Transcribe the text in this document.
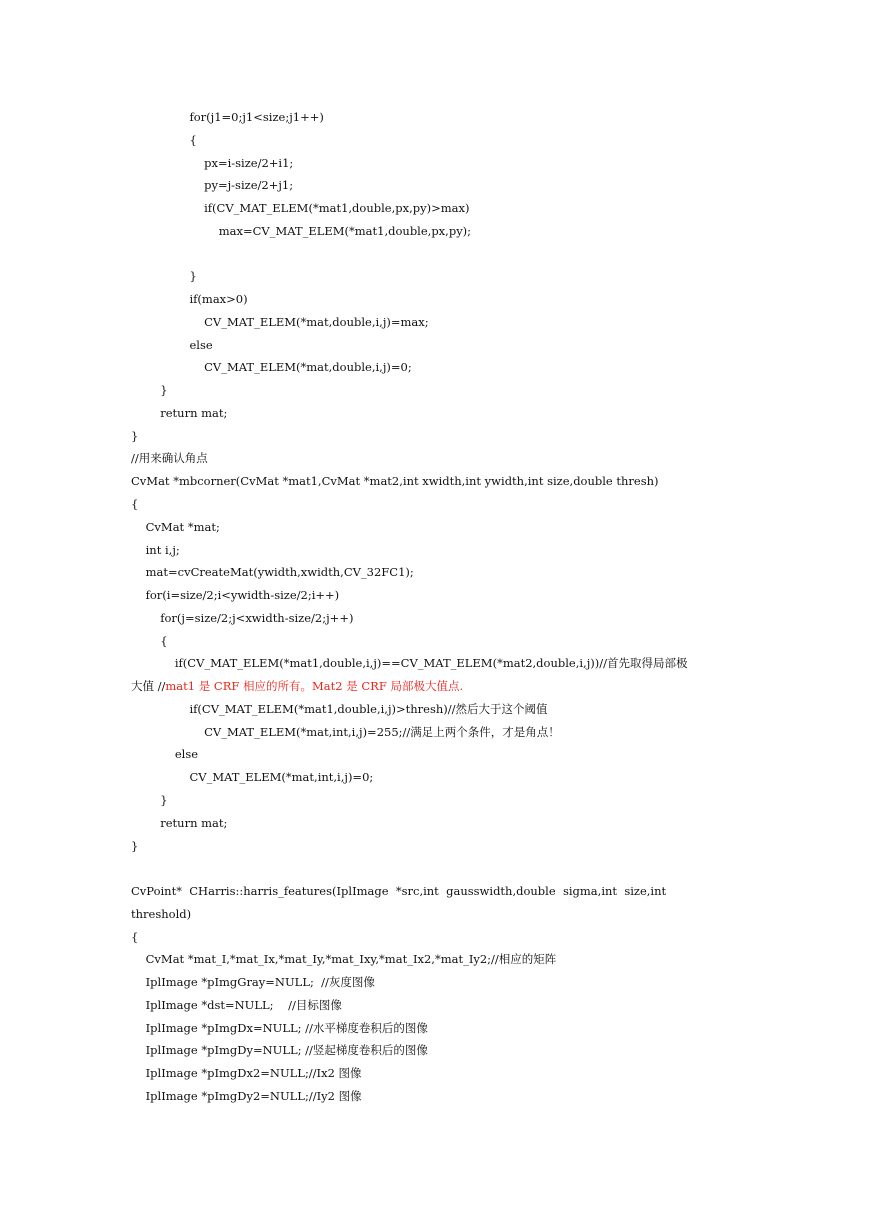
for(j1=0;j1<size;j1++)
{
px=i-size/2+i1;
py=j-size/2+j1;
if(CV_MAT_ELEM(*mat1,double,px,py)>max)
max=CV_MAT_ELEM(*mat1,double,px,py);
}
if(max>0)
CV_MAT_ELEM(*mat,double,i,j)=max;
else
CV_MAT_ELEM(*mat,double,i,j)=0;
}
return mat;
}
//用来确认角点
CvMat *mbcorner(CvMat *mat1,CvMat *mat2,int xwidth,int ywidth,int size,double thresh)
{
CvMat *mat;
int i,j;
mat=cvCreateMat(ywidth,xwidth,CV_32FC1);
for(i=size/2;i<ywidth-size/2;i++)
for(j=size/2;j<xwidth-size/2;j++)
{
if(CV_MAT_ELEM(*mat1,double,i,j)==CV_MAT_ELEM(*mat2,double,i,j))//首先取得局部极
大值 //mat1 是 CRF 相应的所有。Mat2 是 CRF 局部极大值点.
if(CV_MAT_ELEM(*mat1,double,i,j)>thresh)//然后大于这个阈值
CV_MAT_ELEM(*mat,int,i,j)=255;//满足上两个条件，才是角点！
else
CV_MAT_ELEM(*mat,int,i,j)=0;
}
return mat;
}
CvPoint*  CHarris::harris_features(IplImage  *src,int  gausswidth,double  sigma,int  size,int
threshold)
{
CvMat *mat_I,*mat_Ix,*mat_Iy,*mat_Ixy,*mat_Ix2,*mat_Iy2;//相应的矩阵
IplImage *pImgGray=NULL;  //灰度图像
IplImage *dst=NULL;    //目标图像
IplImage *pImgDx=NULL; //水平梯度卷积后的图像
IplImage *pImgDy=NULL; //竖起梯度卷积后的图像
IplImage *pImgDx2=NULL;//Ix2 图像
IplImage *pImgDy2=NULL;//Iy2 图像
